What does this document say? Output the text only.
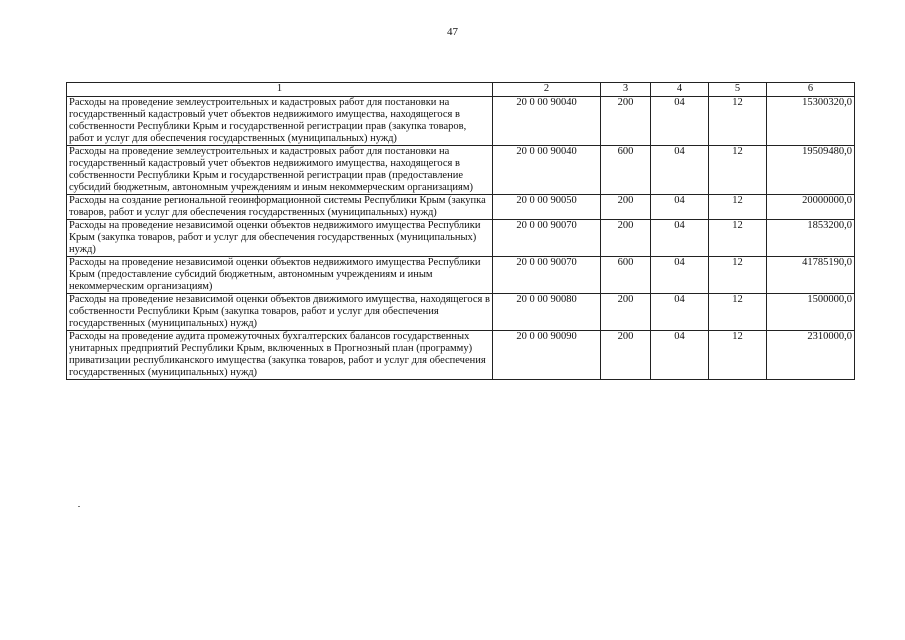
47
1	2	3	4	5	6
Расходы на проведение землеустроительных и кадастровых работ для постановки на государственный кадастровый учет объектов недвижимого имущества, находящегося в собственности Республики Крым и государственной регистрации прав (закупка товаров, работ и услуг для обеспечения государственных (муниципальных) нужд)	20 0 00 90040	200	04	12	15300320,0
Расходы на проведение землеустроительных и кадастровых работ для постановки на государственный кадастровый учет объектов недвижимого имущества, находящегося в собственности Республики Крым и государственной регистрации прав (предоставление субсидий бюджетным, автономным учреждениям и иным некоммерческим организациям)	20 0 00 90040	600	04	12	19509480,0
Расходы на создание региональной геоинформационной системы Республики Крым (закупка товаров, работ и услуг для обеспечения государственных (муниципальных) нужд)	20 0 00 90050	200	04	12	20000000,0
Расходы на проведение независимой оценки объектов недвижимого имущества Республики Крым (закупка товаров, работ и услуг для обеспечения государственных (муниципальных) нужд)	20 0 00 90070	200	04	12	1853200,0
Расходы на проведение независимой оценки объектов недвижимого имущества Республики Крым (предоставление субсидий бюджетным, автономным учреждениям и иным некоммерческим организациям)	20 0 00 90070	600	04	12	41785190,0
Расходы на проведение независимой оценки объектов движимого имущества, находящегося в собственности Республики Крым (закупка товаров, работ и услуг для обеспечения государственных (муниципальных) нужд)	20 0 00 90080	200	04	12	1500000,0
Расходы на проведение аудита промежуточных бухгалтерских балансов государственных унитарных предприятий Республики Крым, включенных в Прогнозный план (программу) приватизации республиканского имущества (закупка товаров, работ и услуг для обеспечения государственных (муниципальных) нужд)	20 0 00 90090	200	04	12	2310000,0
